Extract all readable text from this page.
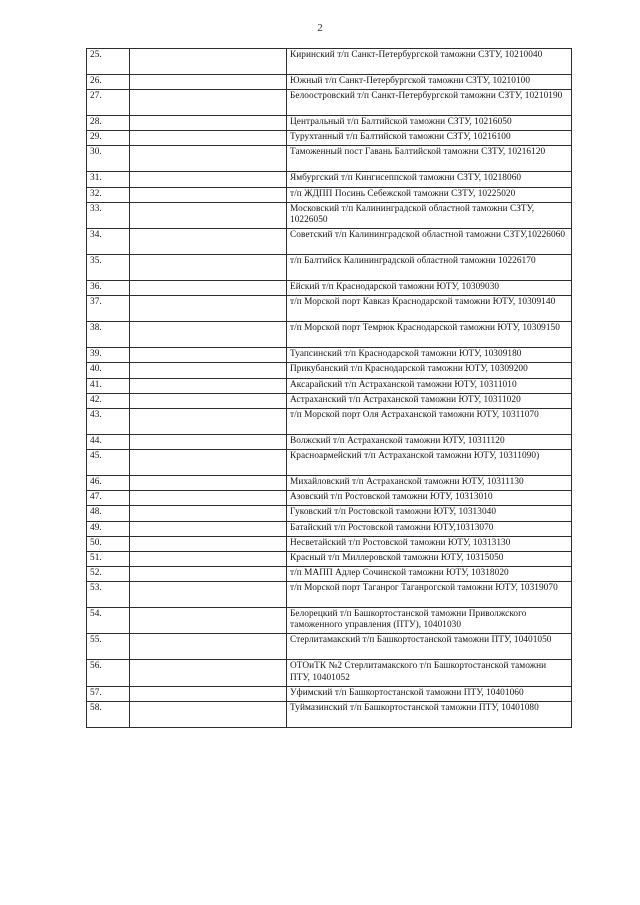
2
25.		Киринский т/п Санкт-Петербургской таможни СЗТУ, 10210040
26.		Южный т/п Санкт-Петербургской таможни СЗТУ, 10210100
27.		Белоостровский т/п Санкт-Петербургской таможни СЗТУ, 10210190
28.		Центральный т/п Балтийской таможни СЗТУ, 10216050
29.		Турухтанный т/п Балтийской таможни СЗТУ, 10216100
30.		Таможенный пост Гавань Балтийской таможни СЗТУ, 10216120
31.		Ямбургский т/п Кингисеппской таможни СЗТУ, 10218060
32.		т/п ЖДПП Посинь Себежской таможни СЗТУ, 10225020
33.		Московский т/п Калининградской областной таможни СЗТУ, 10226050
34.		Советский т/п Калининградской областной таможни СЗТУ,10226060
35.		т/п Балтийск Калининградской областной таможни 10226170
36.		Ейский т/п Краснодарской таможни ЮТУ, 10309030
37.		т/п Морской порт Кавказ Краснодарской таможни ЮТУ, 10309140
38.		т/п Морской порт Темрюк Краснодарской таможни ЮТУ, 10309150
39.		Туапсинский т/п Краснодарской таможни ЮТУ, 10309180
40.		Прикубанский т/п Краснодарской таможни ЮТУ, 10309200
41.		Аксарайский т/п Астраханской таможни ЮТУ, 10311010
42.		Астраханский т/п Астраханской таможни ЮТУ, 10311020
43.		т/п Морской порт Оля Астраханской таможни ЮТУ, 10311070
44.		Волжский т/п Астраханской таможни ЮТУ, 10311120
45.		Красноармейский т/п Астраханской таможни ЮТУ, 10311090)
46.		Михайловский т/п Астраханской таможни ЮТУ, 10311130
47.		Азовский т/п Ростовской таможни ЮТУ, 10313010
48.		Гуковский т/п Ростовской таможни ЮТУ, 10313040
49.		Батайский т/п Ростовской таможни ЮТУ,10313070
50.		Несветайский т/п Ростовской таможни ЮТУ, 10313130
51.		Красный т/п Миллеровской таможни ЮТУ, 10315050
52.		т/п МАПП Адлер Сочинской таможни ЮТУ, 10318020
53.		т/п Морской порт Таганрог Таганрогской таможни ЮТУ, 10319070
54.		Белорецкий т/п Башкортостанской таможни Приволжского таможенного управления (ПТУ), 10401030
55.		Стерлитамакский т/п Башкортостанской таможни ПТУ, 10401050
56.		ОТОиТК №2 Стерлитамакского т/п Башкортостанской таможни ПТУ, 10401052
57.		Уфимский т/п Башкортостанской таможни ПТУ, 10401060
58.		Туймазинский т/п Башкортостанской таможни ПТУ, 10401080
